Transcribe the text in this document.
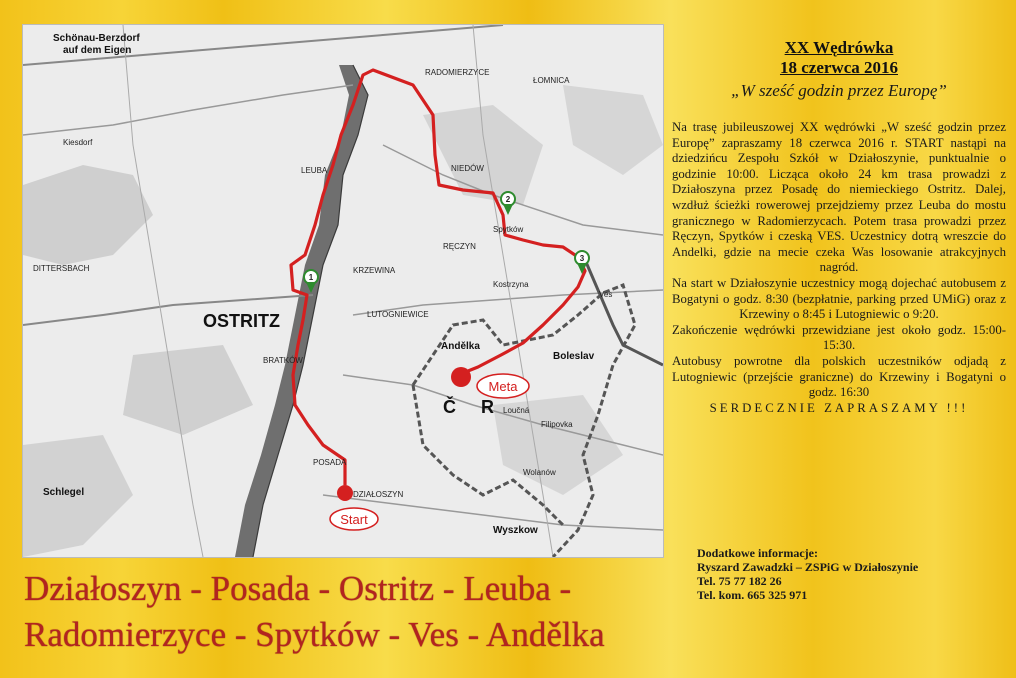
1
2
3
Start
Meta
Č R
Schönau-Berzdorf
auf dem Eigen
RADOMIERZYCE
LEUBA
OSTRITZ
KRZEWINA
LUTOGNIEWICE
RĘCZYN
Spytków
POSADA
DZIAŁOSZYN
Andělka
Boleslav
Ves
Wyszkow
Schlegel
Kiesdorf
DITTERSBACH
NIEDÓW
ŁOMNICA
BRATKÓW
Kostrzyna
Wolanów
Filipovka
Loučná
XX Wędrówka
18 czerwca 2016
„W sześć godzin przez Europę”

Na trasę jubileuszowej XX wędrówki „W sześć godzin przez Europę” zapraszamy 18 czerwca 2016 r. START nastąpi na dziedzińcu Zespołu Szkół w Działoszynie, punktualnie o godzinie 10:00. Licząca około 24 km trasa prowadzi z Działoszyna przez Posadę do niemieckiego Ostritz. Dalej, wzdłuż ścieżki rowerowej przejdziemy przez Leuba do mostu granicznego w Radomierzycach. Potem trasa prowadzi przez Ręczyn, Spytków i czeską VES. Uczestnicy dotrą wreszcie do Andelki, gdzie na mecie czeka Was losowanie atrakcyjnych nagród.

Na start w Działoszynie uczestnicy mogą dojechać autobusem z Bogatyni o godz. 8:30 (bezpłatnie, parking przed UMiG) oraz z Krzewiny o 8:45 i Lutogniewic o 9:20.

Zakończenie wędrówki przewidziane jest około godz. 15:00- 15:30.

Autobusy powrotne dla polskich uczestników odjadą z Lutogniewic (przejście graniczne) do Krzewiny i Bogatyni o godz. 16:30

SERDECZNIE ZAPRASZAMY !!!

Dodatkowe informacje:
Ryszard Zawadzki – ZSPiG w Działoszynie
Tel. 75 77 182 26
Tel. kom. 665 325 971
Działoszyn - Posada - Ostritz - Leuba -
Radomierzyce - Spytków - Ves - Andělka
